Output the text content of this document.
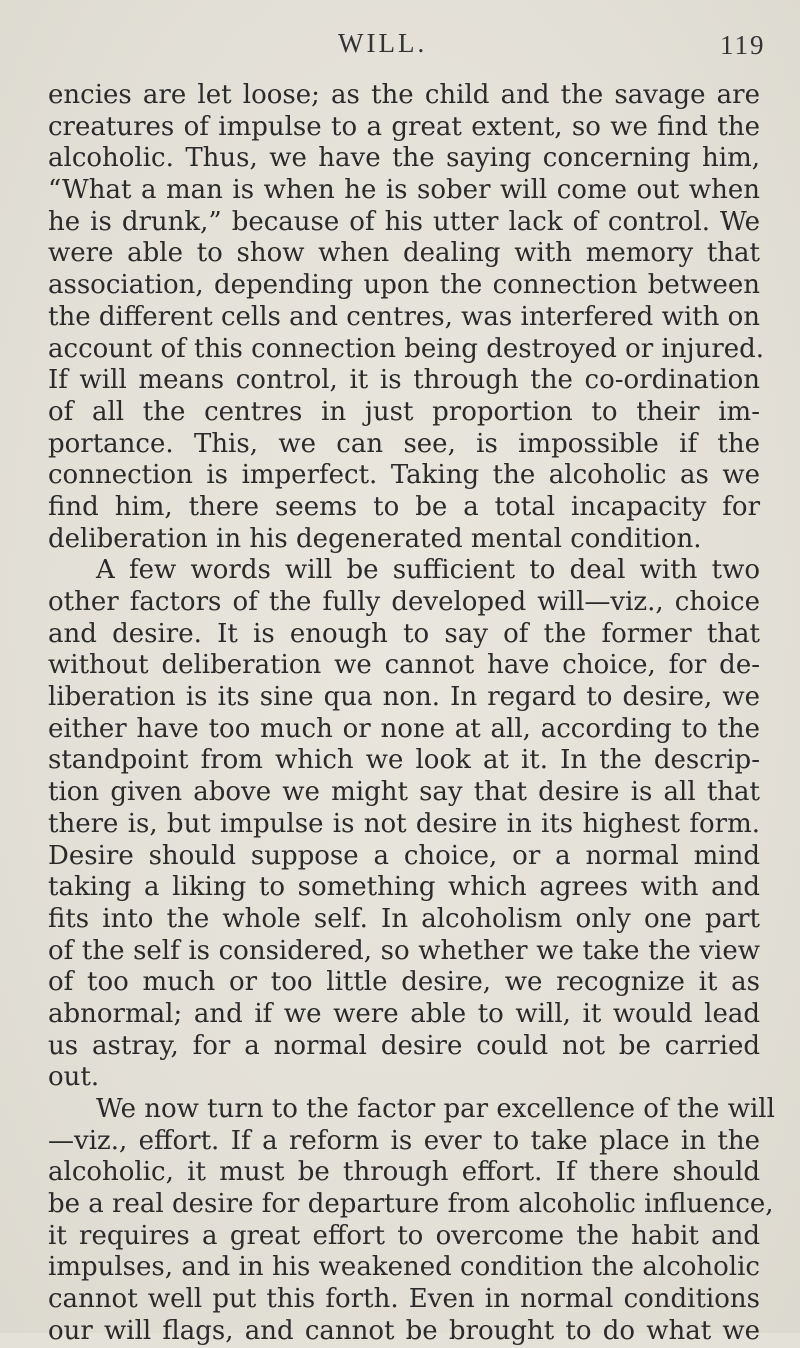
WILL.	119
encies are let loose; as the child and the savage are
creatures of impulse to a great extent, so we find the
alcoholic. Thus, we have the saying concerning him,
“What a man is when he is sober will come out when
he is drunk,” because of his utter lack of control. We
were able to show when dealing with memory that
association, depending upon the connection between
the different cells and centres, was interfered with on
account of this connection being destroyed or injured.
If will means control, it is through the co-ordination
of all the centres in just proportion to their im-
portance. This, we can see, is impossible if the
connection is imperfect. Taking the alcoholic as we
find him, there seems to be a total incapacity for
deliberation in his degenerated mental condition.
A few words will be sufficient to deal with two
other factors of the fully developed will—viz., choice
and desire. It is enough to say of the former that
without deliberation we cannot have choice, for de-
liberation is its sine qua non. In regard to desire, we
either have too much or none at all, according to the
standpoint from which we look at it. In the descrip-
tion given above we might say that desire is all that
there is, but impulse is not desire in its highest form.
Desire should suppose a choice, or a normal mind
taking a liking to something which agrees with and
fits into the whole self. In alcoholism only one part
of the self is considered, so whether we take the view
of too much or too little desire, we recognize it as
abnormal; and if we were able to will, it would lead
us astray, for a normal desire could not be carried
out.
We now turn to the factor par excellence of the will
—viz., effort. If a reform is ever to take place in the
alcoholic, it must be through effort. If there should
be a real desire for departure from alcoholic influence,
it requires a great effort to overcome the habit and
impulses, and in his weakened condition the alcoholic
cannot well put this forth. Even in normal conditions
our will flags, and cannot be brought to do what we
